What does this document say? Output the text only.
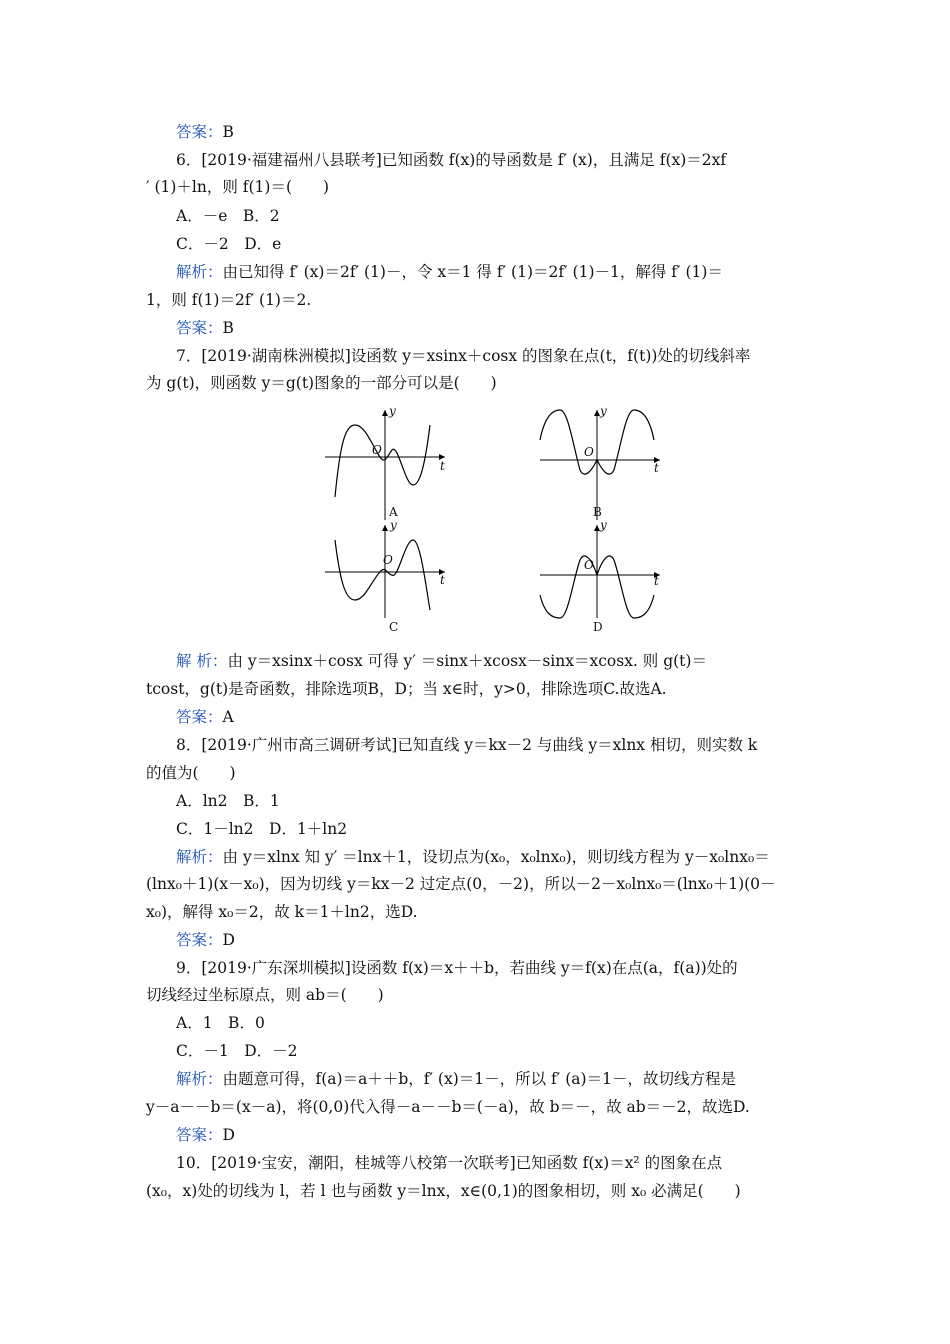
答案：B
6．[2019·福建福州八县联考]已知函数 f(x)的导函数是 f′ (x)，且满足 f(x)＝2xf
′ (1)＋ln，则 f(1)＝(　　)
A．－e　B．2
C．－2　D．e
解析：由已知得 f′ (x)＝2f′ (1)－，令 x＝1 得 f′ (1)＝2f′ (1)－1，解得 f′ (1)＝
1，则 f(1)＝2f′ (1)＝2.
答案：B
7．[2019·湖南株洲模拟]设函数 y＝xsinx＋cosx 的图象在点(t，f(t))处的切线斜率
为 g(t)，则函数 y＝g(t)图象的一部分可以是(　　)
y
O
t
A
y
O
t
B
y
O
t
C
y
O
t
D
解 析：由 y＝xsinx＋cosx 可得 y′ ＝sinx＋xcosx－sinx＝xcosx. 则 g(t)＝
tcost，g(t)是奇函数，排除选项B，D；当 x∈时，y>0，排除选项C.故选A.
答案：A
8．[2019·广州市高三调研考试]已知直线 y＝kx－2 与曲线 y＝xlnx 相切，则实数 k
的值为(　　)
A．ln2　B．1
C．1－ln2　D．1＋ln2
解析：由 y＝xlnx 知 y′ ＝lnx＋1，设切点为(x₀，x₀lnx₀)，则切线方程为 y－x₀lnx₀＝
(lnx₀＋1)(x－x₀)，因为切线 y＝kx－2 过定点(0，－2)，所以－2－x₀lnx₀＝(lnx₀＋1)(0－
x₀)，解得 x₀＝2，故 k＝1＋ln2，选D.
答案：D
9．[2019·广东深圳模拟]设函数 f(x)＝x＋＋b，若曲线 y＝f(x)在点(a，f(a))处的
切线经过坐标原点，则 ab＝(　　)
A．1　B．0
C．－1　D．－2
解析：由题意可得，f(a)＝a＋＋b，f′ (x)＝1－，所以 f′ (a)＝1－，故切线方程是
y－a－－b＝(x－a)，将(0,0)代入得－a－－b＝(－a)，故 b＝－，故 ab＝－2，故选D.
答案：D
10．[2019·宝安，潮阳，桂城等八校第一次联考]已知函数 f(x)＝x² 的图象在点
(x₀，x)处的切线为 l，若 l 也与函数 y＝lnx，x∈(0,1)的图象相切，则 x₀ 必满足(　　)
